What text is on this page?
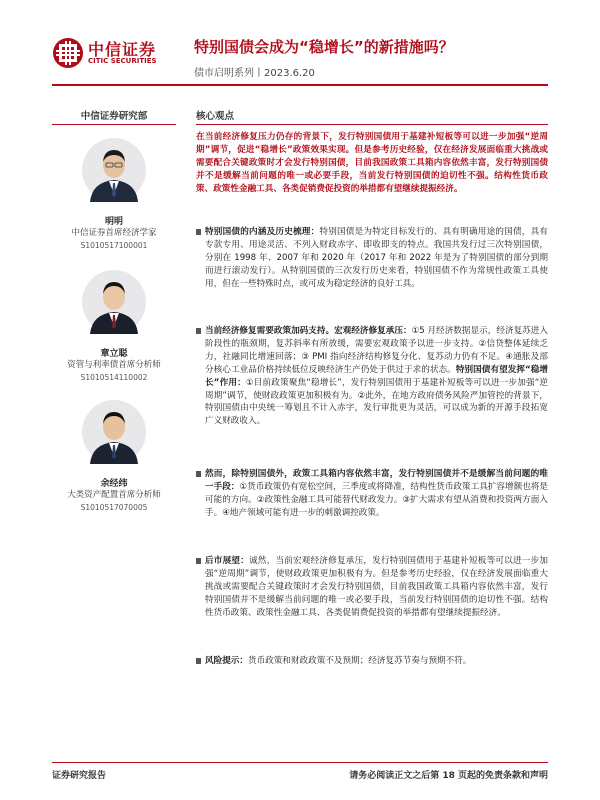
中信证券
CITIC SECURITIES
特别国债会成为“稳增长”的新措施吗？
债市启明系列丨2023.6.20
中信证券研究部
明明
中信证券首席经济学家
S1010517100001
章立聪
资管与利率债首席分析师
S1010514110002
余经纬
大类资产配置首席分析师
S1010517070005
核心观点
在当前经济修复压力仍存的背景下，发行特别国债用于基建补短板等可以进一步加强“逆周期”调节，促进“稳增长”政策效果实现。但是参考历史经验，仅在经济发展面临重大挑战或需要配合关键政策时才会发行特别国债，目前我国政策工具箱内容依然丰富，发行特别国债并不是缓解当前问题的唯一或必要手段，当前发行特别国债的迫切性不强。结构性货币政策、政策性金融工具、各类促销费促投资的举措都有望继续提振经济。
特别国债的内涵及历史梳理：特别国债是为特定目标发行的、具有明确用途的国债，具有专款专用、用途灵活、不列入财政赤字、即收即支的特点。我国共发行过三次特别国债，分别在 1998 年、2007 年和 2020 年（2017 年和 2022 年是为了特别国债的部分到期而进行滚动发行）。从特别国债的三次发行历史来看，特别国债不作为常规性政策工具使用，但在一些特殊时点，或可成为稳定经济的良好工具。
当前经济修复需要政策加码支持。宏观经济修复承压：①5 月经济数据显示，经济复苏进入阶段性的瓶颈期，复苏斜率有所放缓，需要宏观政策予以进一步支持。②信贷整体延续乏力，社融同比增速回落；③ PMI 指向经济结构修复分化、复苏动力仍有不足。④通胀及部分核心工业品价格持续低位反映经济生产仍处于供过于求的状态。特别国债有望发挥“稳增长”作用：①目前政策聚焦“稳增长”，发行特别国债用于基建补短板等可以进一步加强“逆周期”调节，使财政政策更加积极有为。②此外，在地方政府债务风险严加管控的背景下，特别国债由中央统一筹划且不计入赤字，发行审批更为灵活，可以成为新的开源手段拓宽广义财政收入。
然而，除特别国债外，政策工具箱内容依然丰富，发行特别国债并不是缓解当前问题的唯一手段：①货币政策仍有宽松空间，三季度或将降准，结构性货币政策工具扩容增额也将是可能的方向。②政策性金融工具可能替代财政发力。③扩大需求有望从消费和投资两方面入手。④地产领域可能有进一步的刺激调控政策。
后市展望：诚然，当前宏观经济修复承压，发行特别国债用于基建补短板等可以进一步加强“逆周期”调节，使财政政策更加积极有为。但是参考历史经验，仅在经济发展面临重大挑战或需要配合关键政策时才会发行特别国债，目前我国政策工具箱内容依然丰富，发行特别国债并不是缓解当前问题的唯一或必要手段，当前发行特别国债的迫切性不强。结构性货币政策、政策性金融工具、各类促销费促投资的举措都有望继续提振经济。
风险提示：货币政策和财政政策不及预期；经济复苏节奏与预期不符。
证券研究报告	请务必阅读正文之后第 18 页起的免责条款和声明
